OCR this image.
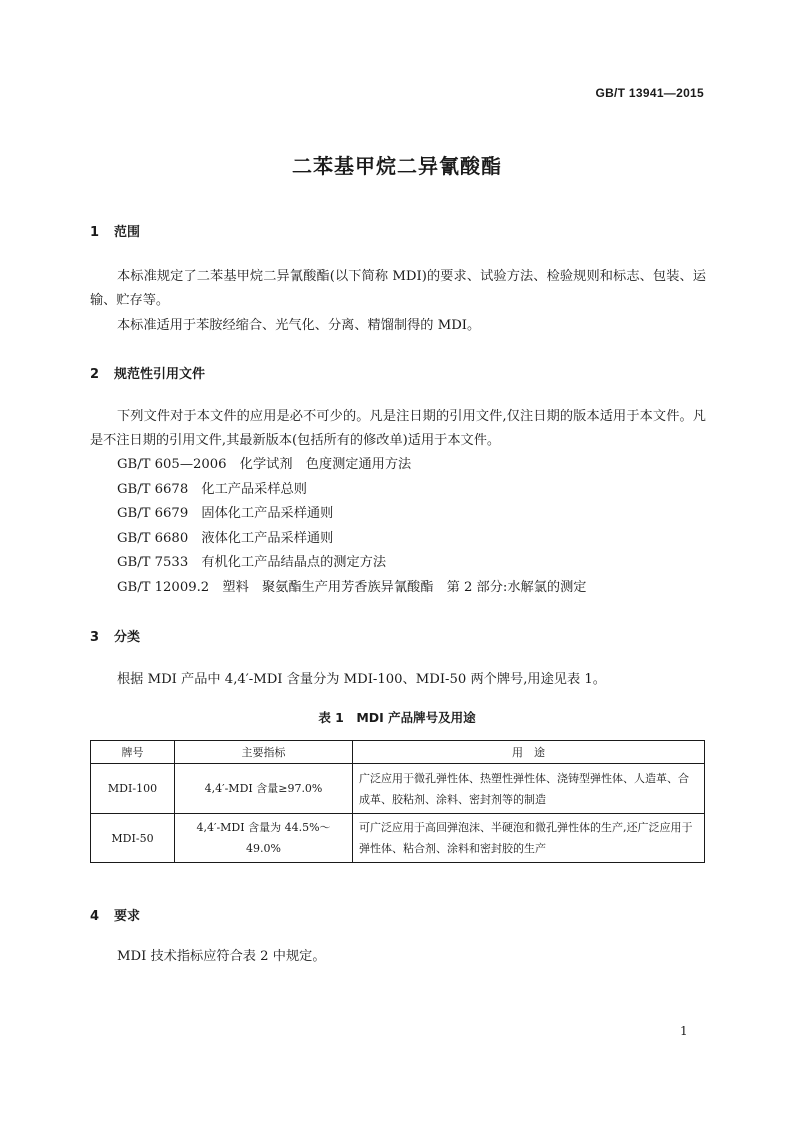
GB/T 13941—2015
二苯基甲烷二异氰酸酯
1 范围
本标准规定了二苯基甲烷二异氰酸酯(以下简称 MDI)的要求、试验方法、检验规则和标志、包装、运输、贮存等。
本标准适用于苯胺经缩合、光气化、分离、精馏制得的 MDI。
2 规范性引用文件
下列文件对于本文件的应用是必不可少的。凡是注日期的引用文件,仅注日期的版本适用于本文件。凡是不注日期的引用文件,其最新版本(包括所有的修改单)适用于本文件。
GB/T 605—2006　化学试剂　色度测定通用方法
GB/T 6678　化工产品采样总则
GB/T 6679　固体化工产品采样通则
GB/T 6680　液体化工产品采样通则
GB/T 7533　有机化工产品结晶点的测定方法
GB/T 12009.2　塑料　聚氨酯生产用芳香族异氰酸酯　第 2 部分:水解氯的测定
3 分类
根据 MDI 产品中 4,4′-MDI 含量分为 MDI-100、MDI-50 两个牌号,用途见表 1。
表 1　MDI 产品牌号及用途
牌号	主要指标	用　途
MDI-100	4,4′-MDI 含量≥97.0%	广泛应用于微孔弹性体、热塑性弹性体、浇铸型弹性体、人造革、合成革、胶粘剂、涂料、密封剂等的制造
MDI-50	4,4′-MDI 含量为 44.5%～49.0%	可广泛应用于高回弹泡沫、半硬泡和微孔弹性体的生产,还广泛应用于弹性体、粘合剂、涂料和密封胶的生产
4 要求
MDI 技术指标应符合表 2 中规定。
1
